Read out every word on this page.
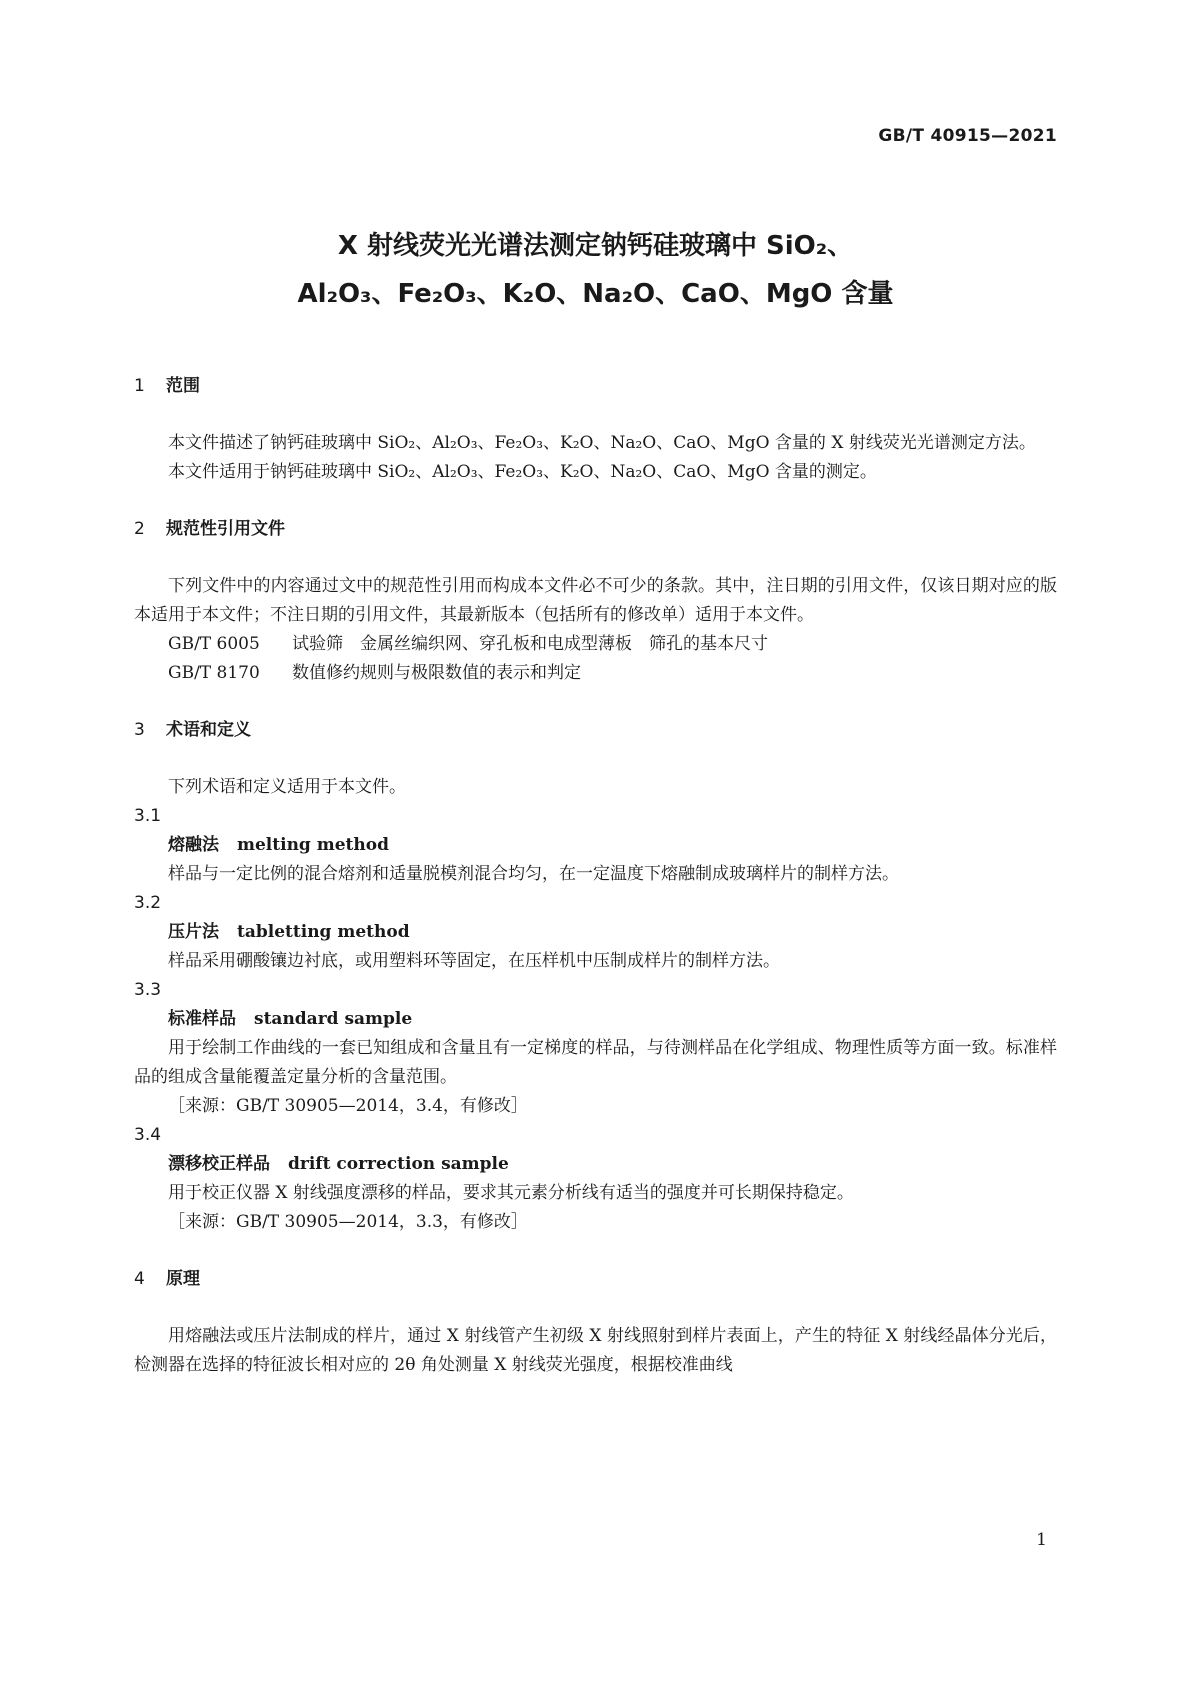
GB/T 40915—2021
X 射线荧光光谱法测定钠钙硅玻璃中 SiO₂、
Al₂O₃、Fe₂O₃、K₂O、Na₂O、CaO、MgO 含量

1 范围

本文件描述了钠钙硅玻璃中 SiO₂、Al₂O₃、Fe₂O₃、K₂O、Na₂O、CaO、MgO 含量的 X 射线荧光光谱测定方法。

本文件适用于钠钙硅玻璃中 SiO₂、Al₂O₃、Fe₂O₃、K₂O、Na₂O、CaO、MgO 含量的测定。

2 规范性引用文件

下列文件中的内容通过文中的规范性引用而构成本文件必不可少的条款。其中，注日期的引用文件，仅该日期对应的版本适用于本文件；不注日期的引用文件，其最新版本（包括所有的修改单）适用于本文件。

GB/T 6005 试验筛　金属丝编织网、穿孔板和电成型薄板　筛孔的基本尺寸

GB/T 8170 数值修约规则与极限数值的表示和判定

3 术语和定义

下列术语和定义适用于本文件。

3.1

熔融法 melting method

样品与一定比例的混合熔剂和适量脱模剂混合均匀，在一定温度下熔融制成玻璃样片的制样方法。

3.2

压片法 tabletting method

样品采用硼酸镶边衬底，或用塑料环等固定，在压样机中压制成样片的制样方法。

3.3

标准样品 standard sample

用于绘制工作曲线的一套已知组成和含量且有一定梯度的样品，与待测样品在化学组成、物理性质等方面一致。标准样品的组成含量能覆盖定量分析的含量范围。

［来源：GB/T 30905—2014，3.4，有修改］

3.4

漂移校正样品 drift correction sample

用于校正仪器 X 射线强度漂移的样品，要求其元素分析线有适当的强度并可长期保持稳定。

［来源：GB/T 30905—2014，3.3，有修改］

4 原理

用熔融法或压片法制成的样片，通过 X 射线管产生初级 X 射线照射到样片表面上，产生的特征 X 射线经晶体分光后，检测器在选择的特征波长相对应的 2θ 角处测量 X 射线荧光强度，根据校准曲线

1
